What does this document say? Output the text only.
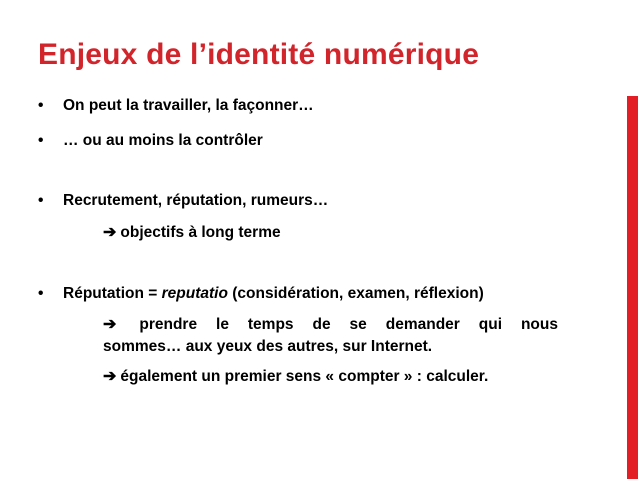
Enjeux de l’identité numérique
• On peut la travailler, la façonner…
• … ou au moins la contrôler
• Recrutement, réputation, rumeurs…
➔ objectifs à long terme
• Réputation = reputatio (considération, examen, réflexion)
➔ prendre le temps de se demander qui nous
sommes… aux yeux des autres, sur Internet.
➔ également un premier sens « compter » : calculer.
